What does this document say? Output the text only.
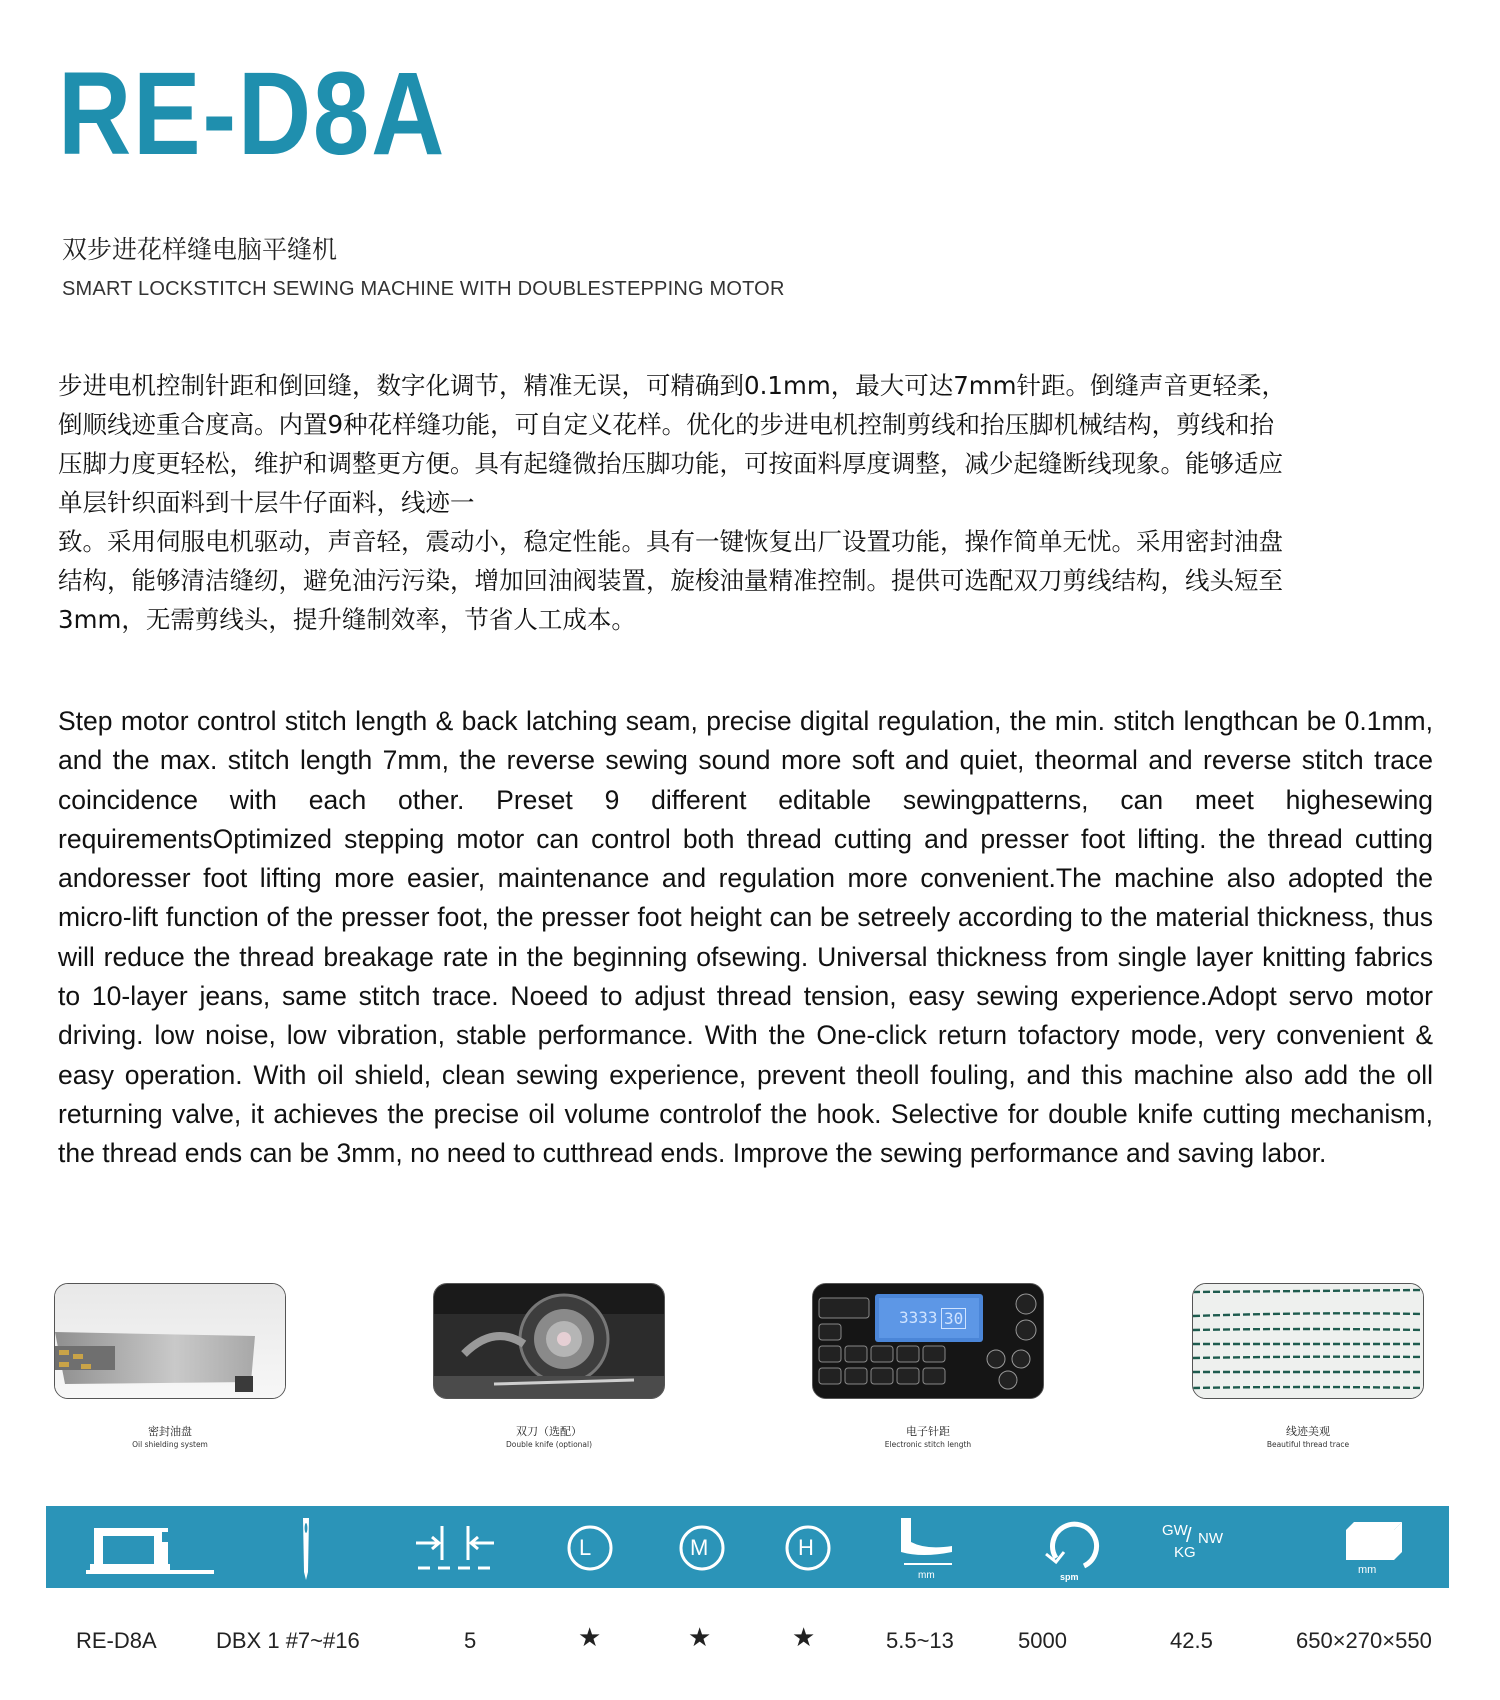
RE-D8A
双步进花样缝电脑平缝机
SMART LOCKSTITCH SEWING MACHINE WITH DOUBLESTEPPING MOTOR

步进电机控制针距和倒回缝，数字化调节，精准无误，可精确到0.1mm，最大可达7mm针距。倒缝声音更轻柔，

倒顺线迹重合度高。内置9种花样缝功能，可自定义花样。优化的步进电机控制剪线和抬压脚机械结构，剪线和抬

压脚力度更轻松，维护和调整更方便。具有起缝微抬压脚功能，可按面料厚度调整，减少起缝断线现象。能够适应

单层针织面料到十层牛仔面料，线迹一

致。采用伺服电机驱动，声音轻，震动小，稳定性能。具有一键恢复出厂设置功能，操作简单无忧。采用密封油盘

结构，能够清洁缝纫，避免油污污染，增加回油阀装置，旋梭油量精准控制。提供可选配双刀剪线结构，线头短至

3mm，无需剪线头，提升缝制效率，节省人工成本。

Step motor control stitch length & back latching seam, precise digital regulation, the min. stitch lengthcan be 0.1mm, and the max. stitch length 7mm, the reverse sewing sound more soft and quiet, theormal and reverse stitch trace coincidence with each other. Preset 9 different editable sewingpatterns, can meet highesewing requirementsOptimized stepping motor can control both thread cutting and presser foot lifting. the thread cutting andoresser foot lifting more easier, maintenance and regulation more convenient.The machine also adopted the micro-lift function of the presser foot, the presser foot height can be setreely according to the material thickness, thus will reduce the thread breakage rate in the beginning ofsewing. Universal thickness from single layer knitting fabrics to 10-layer jeans, same stitch trace. Noeed to adjust thread tension, easy sewing experience.Adopt servo motor driving. low noise, low vibration, stable performance. With the One-click return tofactory mode, very convenient & easy operation. With oil shield, clean sewing experience, prevent theoll fouling, and this machine also add the oll returning valve, it achieves the precise oil volume controlof the hook. Selective for double knife cutting mechanism, the thread ends can be 3mm, no need to cutthread ends. Improve the sewing performance and saving labor.
密封油盘
Oil shielding system
双刀（选配）
Double knife (optional)
3333 30
电子针距
Electronic stitch length
线迹美观
Beautiful thread trace
L	M	H
mm	spm
GW
/ NW
KG
mm
RE-D8A	DBX 1 #7~#16	5	★	★	★	5.5~13	5000	42.5	650×270×550
